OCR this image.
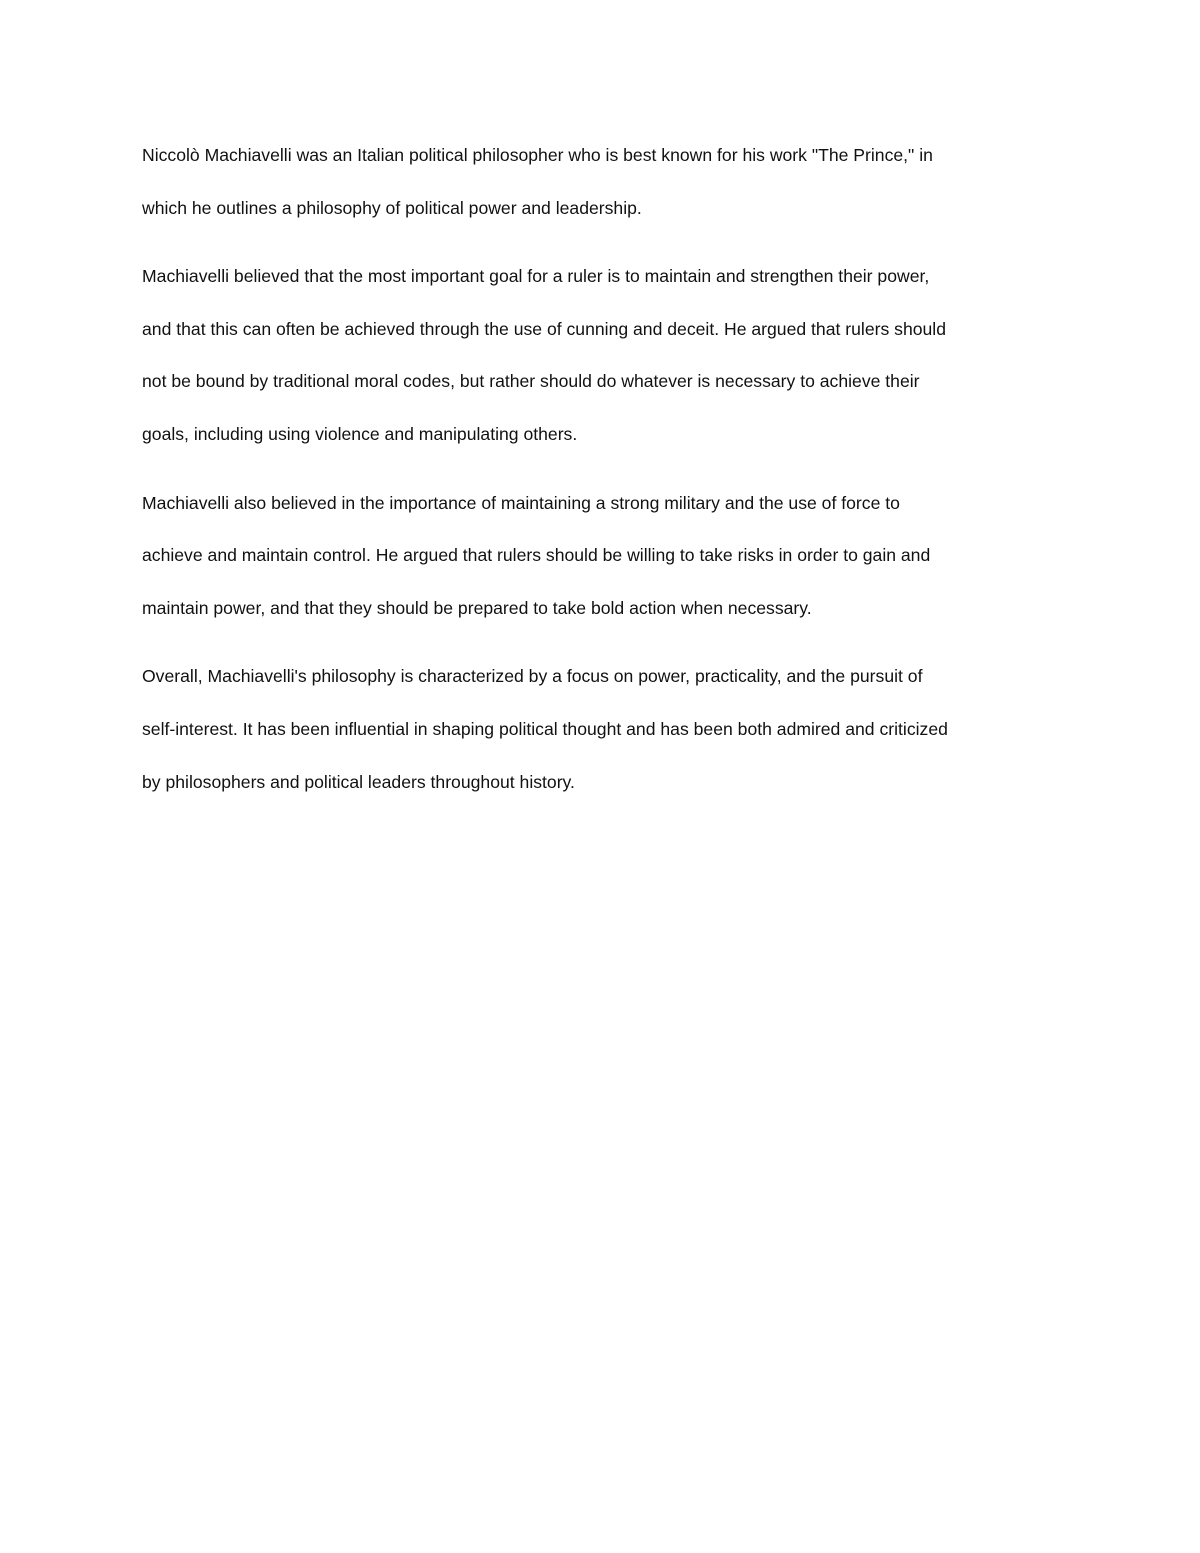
Niccolò Machiavelli was an Italian political philosopher who is best known for his work "The Prince," in
which he outlines a philosophy of political power and leadership.

Machiavelli believed that the most important goal for a ruler is to maintain and strengthen their power,
and that this can often be achieved through the use of cunning and deceit. He argued that rulers should
not be bound by traditional moral codes, but rather should do whatever is necessary to achieve their
goals, including using violence and manipulating others.

Machiavelli also believed in the importance of maintaining a strong military and the use of force to
achieve and maintain control. He argued that rulers should be willing to take risks in order to gain and
maintain power, and that they should be prepared to take bold action when necessary.

Overall, Machiavelli's philosophy is characterized by a focus on power, practicality, and the pursuit of
self-interest. It has been influential in shaping political thought and has been both admired and criticized
by philosophers and political leaders throughout history.
